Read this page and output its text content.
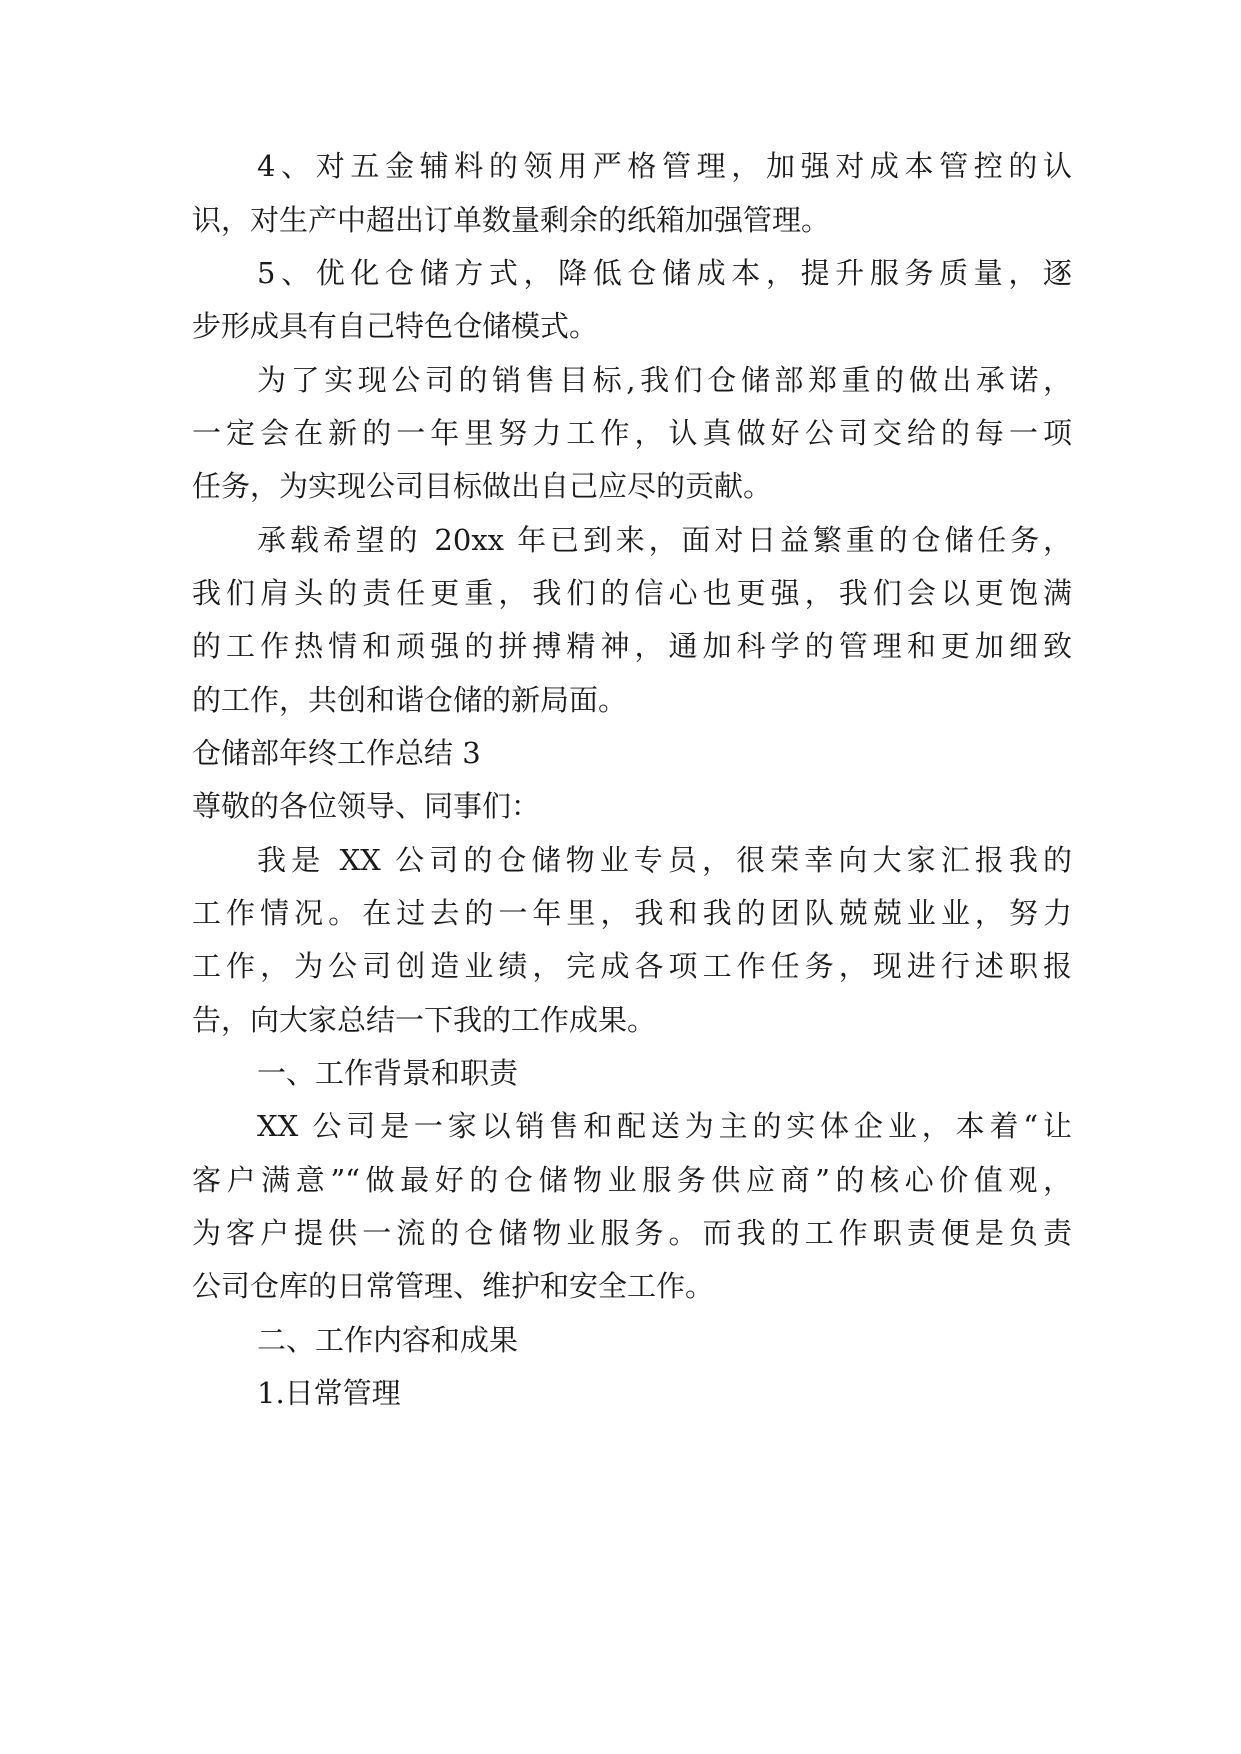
4、对五金辅料的领用严格管理，加强对成本管控的认
识，对生产中超出订单数量剩余的纸箱加强管理。
5、优化仓储方式，降低仓储成本，提升服务质量，逐
步形成具有自己特色仓储模式。
为了实现公司的销售目标,我们仓储部郑重的做出承诺，
一定会在新的一年里努力工作，认真做好公司交给的每一项
任务，为实现公司目标做出自己应尽的贡献。
承载希望的 20xx 年已到来，面对日益繁重的仓储任务，
我们肩头的责任更重，我们的信心也更强，我们会以更饱满
的工作热情和顽强的拼搏精神，通加科学的管理和更加细致
的工作，共创和谐仓储的新局面。
仓储部年终工作总结 3
尊敬的各位领导、同事们：
我是 XX 公司的仓储物业专员，很荣幸向大家汇报我的
工作情况。在过去的一年里，我和我的团队兢兢业业，努力
工作，为公司创造业绩，完成各项工作任务，现进行述职报
告，向大家总结一下我的工作成果。
一、工作背景和职责
XX 公司是一家以销售和配送为主的实体企业，本着“让
客户满意”“做最好的仓储物业服务供应商”的核心价值观，
为客户提供一流的仓储物业服务。而我的工作职责便是负责
公司仓库的日常管理、维护和安全工作。
二、工作内容和成果
1.日常管理
